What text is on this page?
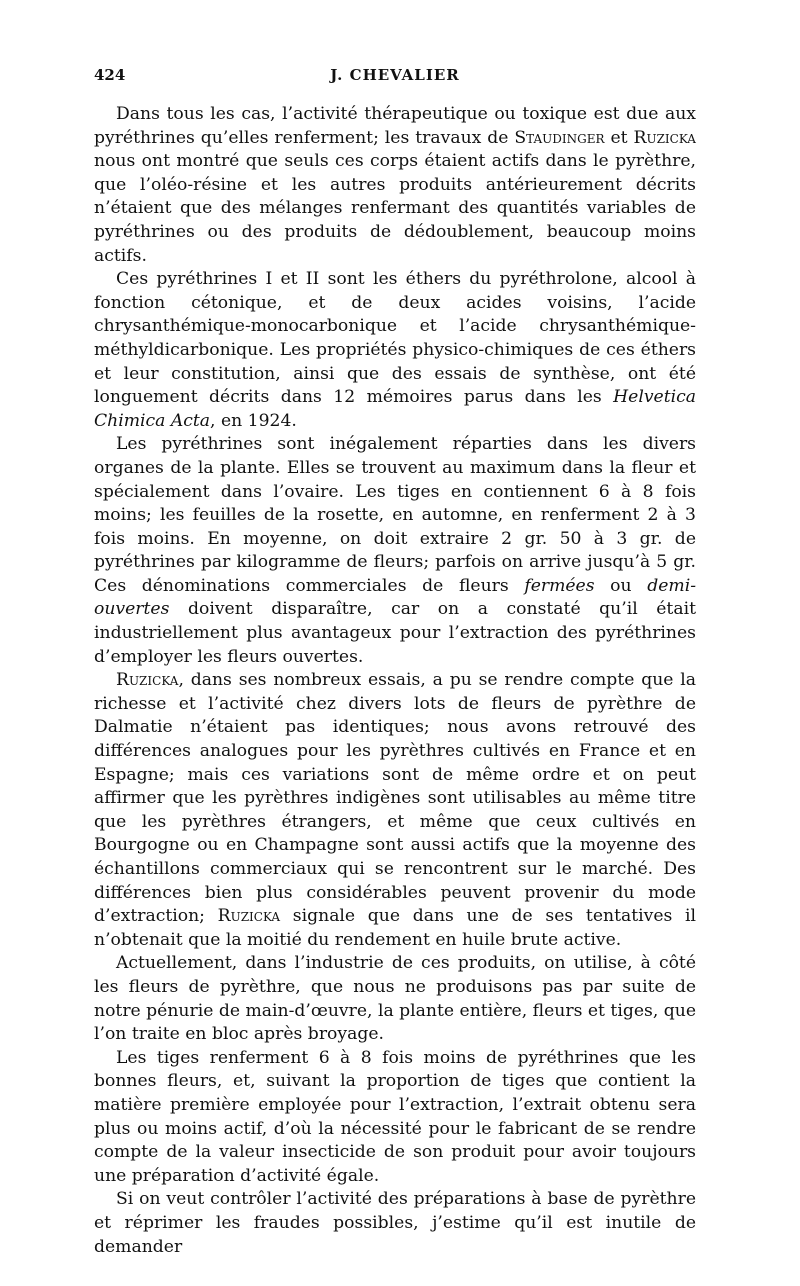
424	J. CHEVALIER

Dans tous les cas, l’activité thérapeutique ou toxique est due aux pyréthrines qu’elles renferment; les travaux de Staudinger et Ruzicka nous ont montré que seuls ces corps étaient actifs dans le pyrèthre, que l’oléo-résine et les autres produits antérieurement décrits n’étaient que des mélanges renfermant des quantités variables de pyréthrines ou des produits de dédoublement, beaucoup moins actifs.

Ces pyréthrines I et II sont les éthers du pyréthrolone, alcool à fonction cétonique, et de deux acides voisins, l’acide chrysanthémique-monocarbonique et l’acide chrysanthémique-méthyldicarbonique. Les propriétés physico-chimiques de ces éthers et leur constitution, ainsi que des essais de synthèse, ont été longuement décrits dans 12 mémoires parus dans les Helvetica Chimica Acta, en 1924.

Les pyréthrines sont inégalement réparties dans les divers organes de la plante. Elles se trouvent au maximum dans la fleur et spécialement dans l’ovaire. Les tiges en contiennent 6 à 8 fois moins; les feuilles de la rosette, en automne, en renferment 2 à 3 fois moins. En moyenne, on doit extraire 2 gr. 50 à 3 gr. de pyréthrines par kilogramme de fleurs; parfois on arrive jusqu’à 5 gr. Ces dénominations commerciales de fleurs fermées ou demi-ouvertes doivent disparaître, car on a constaté qu’il était industriellement plus avantageux pour l’extraction des pyréthrines d’employer les fleurs ouvertes.

Ruzicka, dans ses nombreux essais, a pu se rendre compte que la richesse et l’activité chez divers lots de fleurs de pyrèthre de Dalmatie n’étaient pas identiques; nous avons retrouvé des différences analogues pour les pyrèthres cultivés en France et en Espagne; mais ces variations sont de même ordre et on peut affirmer que les pyrèthres indigènes sont utilisables au même titre que les pyrèthres étrangers, et même que ceux cultivés en Bourgogne ou en Champagne sont aussi actifs que la moyenne des échantillons commerciaux qui se rencontrent sur le marché. Des différences bien plus considérables peuvent provenir du mode d’extraction; Ruzicka signale que dans une de ses tentatives il n’obtenait que la moitié du rendement en huile brute active.

Actuellement, dans l’industrie de ces produits, on utilise, à côté les fleurs de pyrèthre, que nous ne produisons pas par suite de notre pénurie de main-d’œuvre, la plante entière, fleurs et tiges, que l’on traite en bloc après broyage.

Les tiges renferment 6 à 8 fois moins de pyréthrines que les bonnes fleurs, et, suivant la proportion de tiges que contient la matière première employée pour l’extraction, l’extrait obtenu sera plus ou moins actif, d’où la nécessité pour le fabricant de se rendre compte de la valeur insecticide de son produit pour avoir toujours une préparation d’activité égale.

Si on veut contrôler l’activité des préparations à base de pyrèthre et réprimer les fraudes possibles, j’estime qu’il est inutile de demander
